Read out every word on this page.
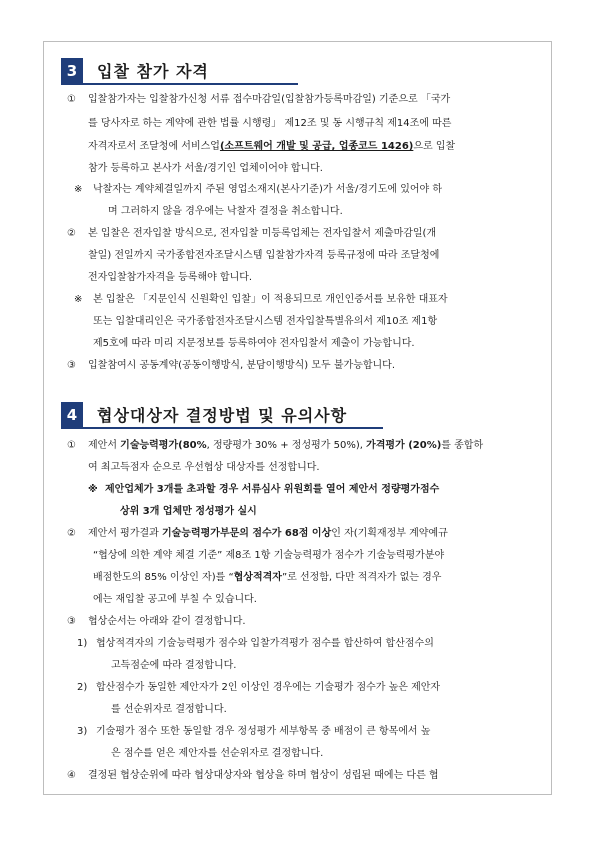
3	입찰 참가 자격
① 입찰참가자는 입찰참가신청 서류 접수마감일(입찰참가등록마감일) 기준으로 「국가
를 당사자로 하는 계약에 관한 법률 시행령」 제12조 및 동 시행규칙 제14조에 따른
자격자로서 조달청에 서비스업(소프트웨어 개발 및 공급, 업종코드 1426)으로 입찰
참가 등록하고 본사가 서울/경기인 업체이어야 합니다.
※ 낙찰자는 계약체결일까지 주된 영업소재지(본사기준)가 서울/경기도에 있어야 하
며 그러하지 않을 경우에는 낙찰자 결정을 취소합니다.
② 본 입찰은 전자입찰 방식으로, 전자입찰 미등록업체는 전자입찰서 제출마감일(개
찰일) 전일까지 국가종합전자조달시스템 입찰참가자격 등록규정에 따라 조달청에
전자입찰참가자격을 등록해야 합니다.
※ 본 입찰은 「지문인식 신원확인 입찰」이 적용되므로 개인인증서를 보유한 대표자
또는 입찰대리인은 국가종합전자조달시스템 전자입찰특별유의서 제10조 제1항
제5호에 따라 미리 지문정보를 등록하여야 전자입찰서 제출이 가능합니다.
③ 입찰참여시 공동계약(공동이행방식, 분담이행방식) 모두 불가능합니다.
4	협상대상자 결정방법 및 유의사항
① 제안서 기술능력평가(80%, 정량평가 30% + 정성평가 50%), 가격평가 (20%)를 종합하
여 최고득점자 순으로 우선협상 대상자를 선정합니다.
※ 제안업체가 3개를 초과할 경우 서류심사 위원회를 열어 제안서 정량평가점수
상위 3개 업체만 정성평가 실시
② 제안서 평가결과 기술능력평가부문의 점수가 68점 이상인 자(기획재정부 계약예규
“협상에 의한 계약 체결 기준” 제8조 1항 기술능력평가 점수가 기술능력평가분야
배점한도의 85% 이상인 자)를 “협상적격자”로 선정함, 다만 적격자가 없는 경우
에는 재입찰 공고에 부칠 수 있습니다.
③ 협상순서는 아래와 같이 결정합니다.
1) 협상적격자의 기술능력평가 점수와 입찰가격평가 점수를 합산하여 합산점수의
고득점순에 따라 결정합니다.
2) 합산점수가 동일한 제안자가 2인 이상인 경우에는 기술평가 점수가 높은 제안자
를 선순위자로 결정합니다.
3) 기술평가 점수 또한 동일할 경우 정성평가 세부항목 중 배점이 큰 항목에서 높
은 점수를 얻은 제안자를 선순위자로 결정합니다.
④ 결정된 협상순위에 따라 협상대상자와 협상을 하며 협상이 성립된 때에는 다른 협
